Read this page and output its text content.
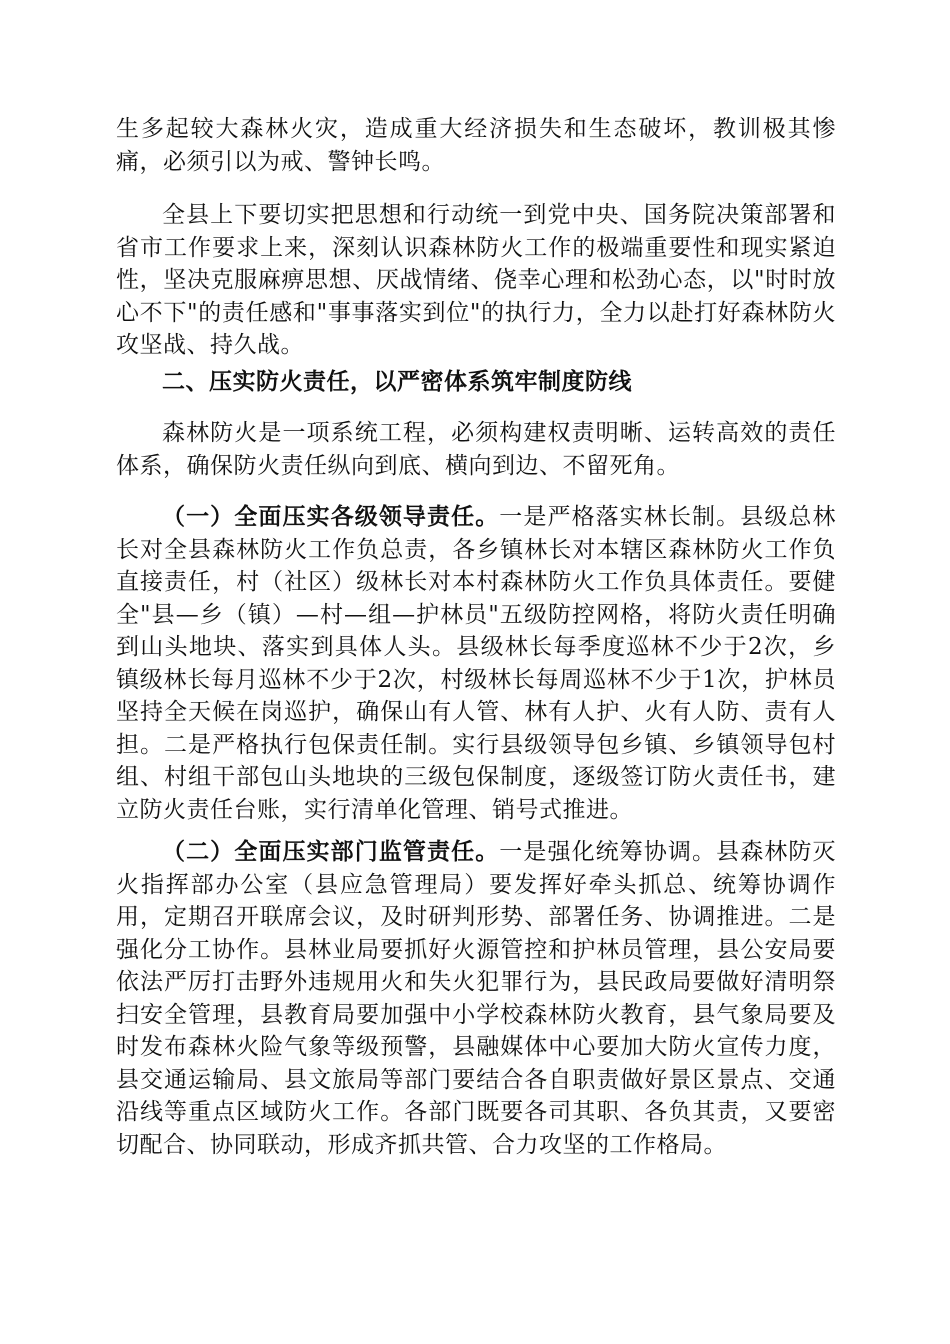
生多起较大森林火灾，造成重大经济损失和生态破坏，教训极其惨痛，必须引以为戒、警钟长鸣。

全县上下要切实把思想和行动统一到党中央、国务院决策部署和省市工作要求上来，深刻认识森林防火工作的极端重要性和现实紧迫性，坚决克服麻痹思想、厌战情绪、侥幸心理和松劲心态，以"时时放心不下"的责任感和"事事落实到位"的执行力，全力以赴打好森林防火攻坚战、持久战。

二、压实防火责任，以严密体系筑牢制度防线

森林防火是一项系统工程，必须构建权责明晰、运转高效的责任体系，确保防火责任纵向到底、横向到边、不留死角。

（一）全面压实各级领导责任。一是严格落实林长制。县级总林长对全县森林防火工作负总责，各乡镇林长对本辖区森林防火工作负直接责任，村（社区）级林长对本村森林防火工作负具体责任。要健全"县—乡（镇）—村—组—护林员"五级防控网格，将防火责任明确到山头地块、落实到具体人头。县级林长每季度巡林不少于2次，乡镇级林长每月巡林不少于2次，村级林长每周巡林不少于1次，护林员坚持全天候在岗巡护，确保山有人管、林有人护、火有人防、责有人担。二是严格执行包保责任制。实行县级领导包乡镇、乡镇领导包村组、村组干部包山头地块的三级包保制度，逐级签订防火责任书，建立防火责任台账，实行清单化管理、销号式推进。

（二）全面压实部门监管责任。一是强化统筹协调。县森林防灭火指挥部办公室（县应急管理局）要发挥好牵头抓总、统筹协调作用，定期召开联席会议，及时研判形势、部署任务、协调推进。二是强化分工协作。县林业局要抓好火源管控和护林员管理，县公安局要依法严厉打击野外违规用火和失火犯罪行为，县民政局要做好清明祭扫安全管理，县教育局要加强中小学校森林防火教育，县气象局要及时发布森林火险气象等级预警，县融媒体中心要加大防火宣传力度，县交通运输局、县文旅局等部门要结合各自职责做好景区景点、交通沿线等重点区域防火工作。各部门既要各司其职、各负其责，又要密切配合、协同联动，形成齐抓共管、合力攻坚的工作格局。
